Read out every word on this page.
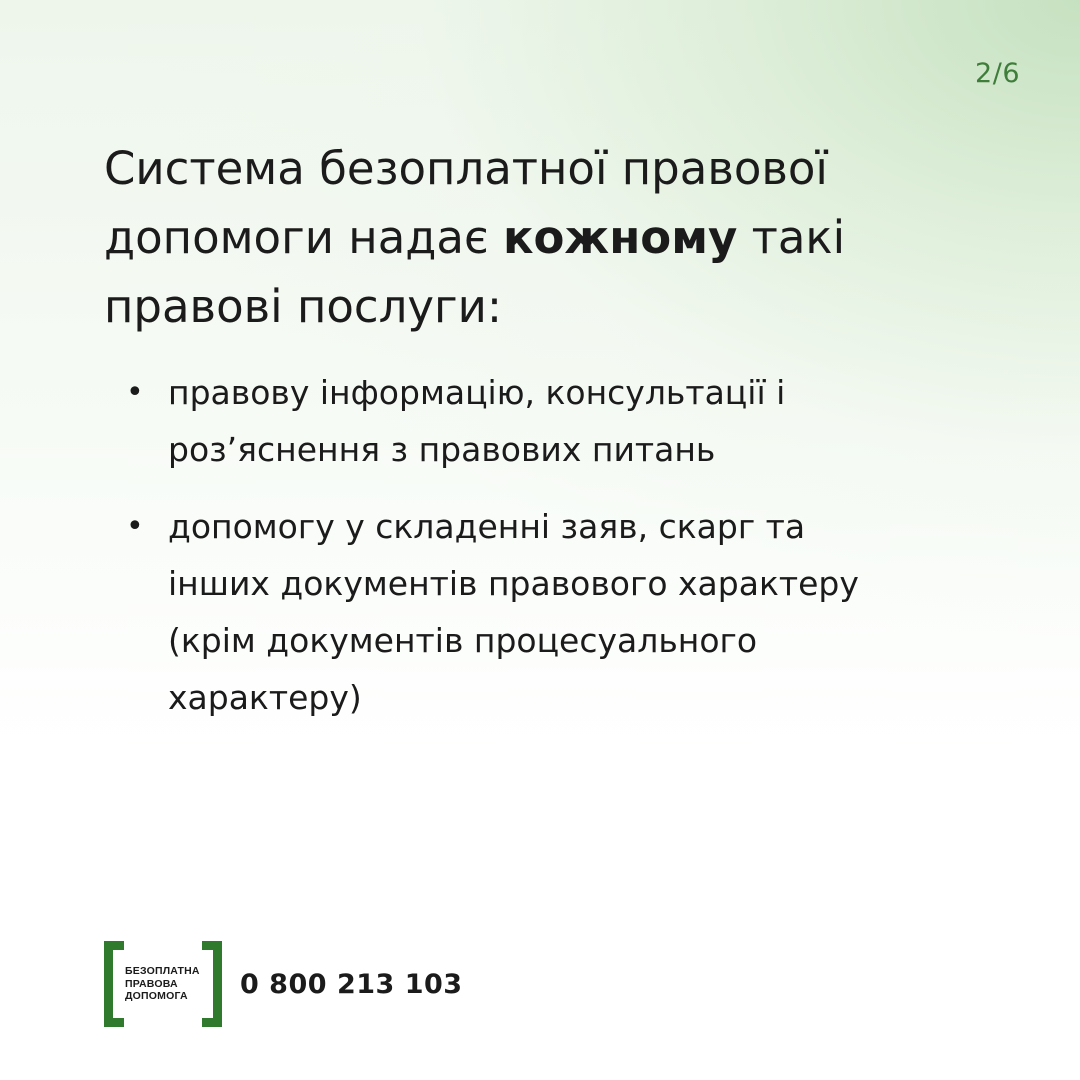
2/6
Система безоплатної правової
допомоги надає кожному такі
правові послуги:
• правову інформацію, консультації і
роз’яснення з правових питань
• допомогу у складенні заяв, скарг та
інших документів правового характеру
(крім документів процесуального
характеру)
БЕЗОПЛАТНА
ПРАВОВА
ДОПОМОГА	0 800 213 103
